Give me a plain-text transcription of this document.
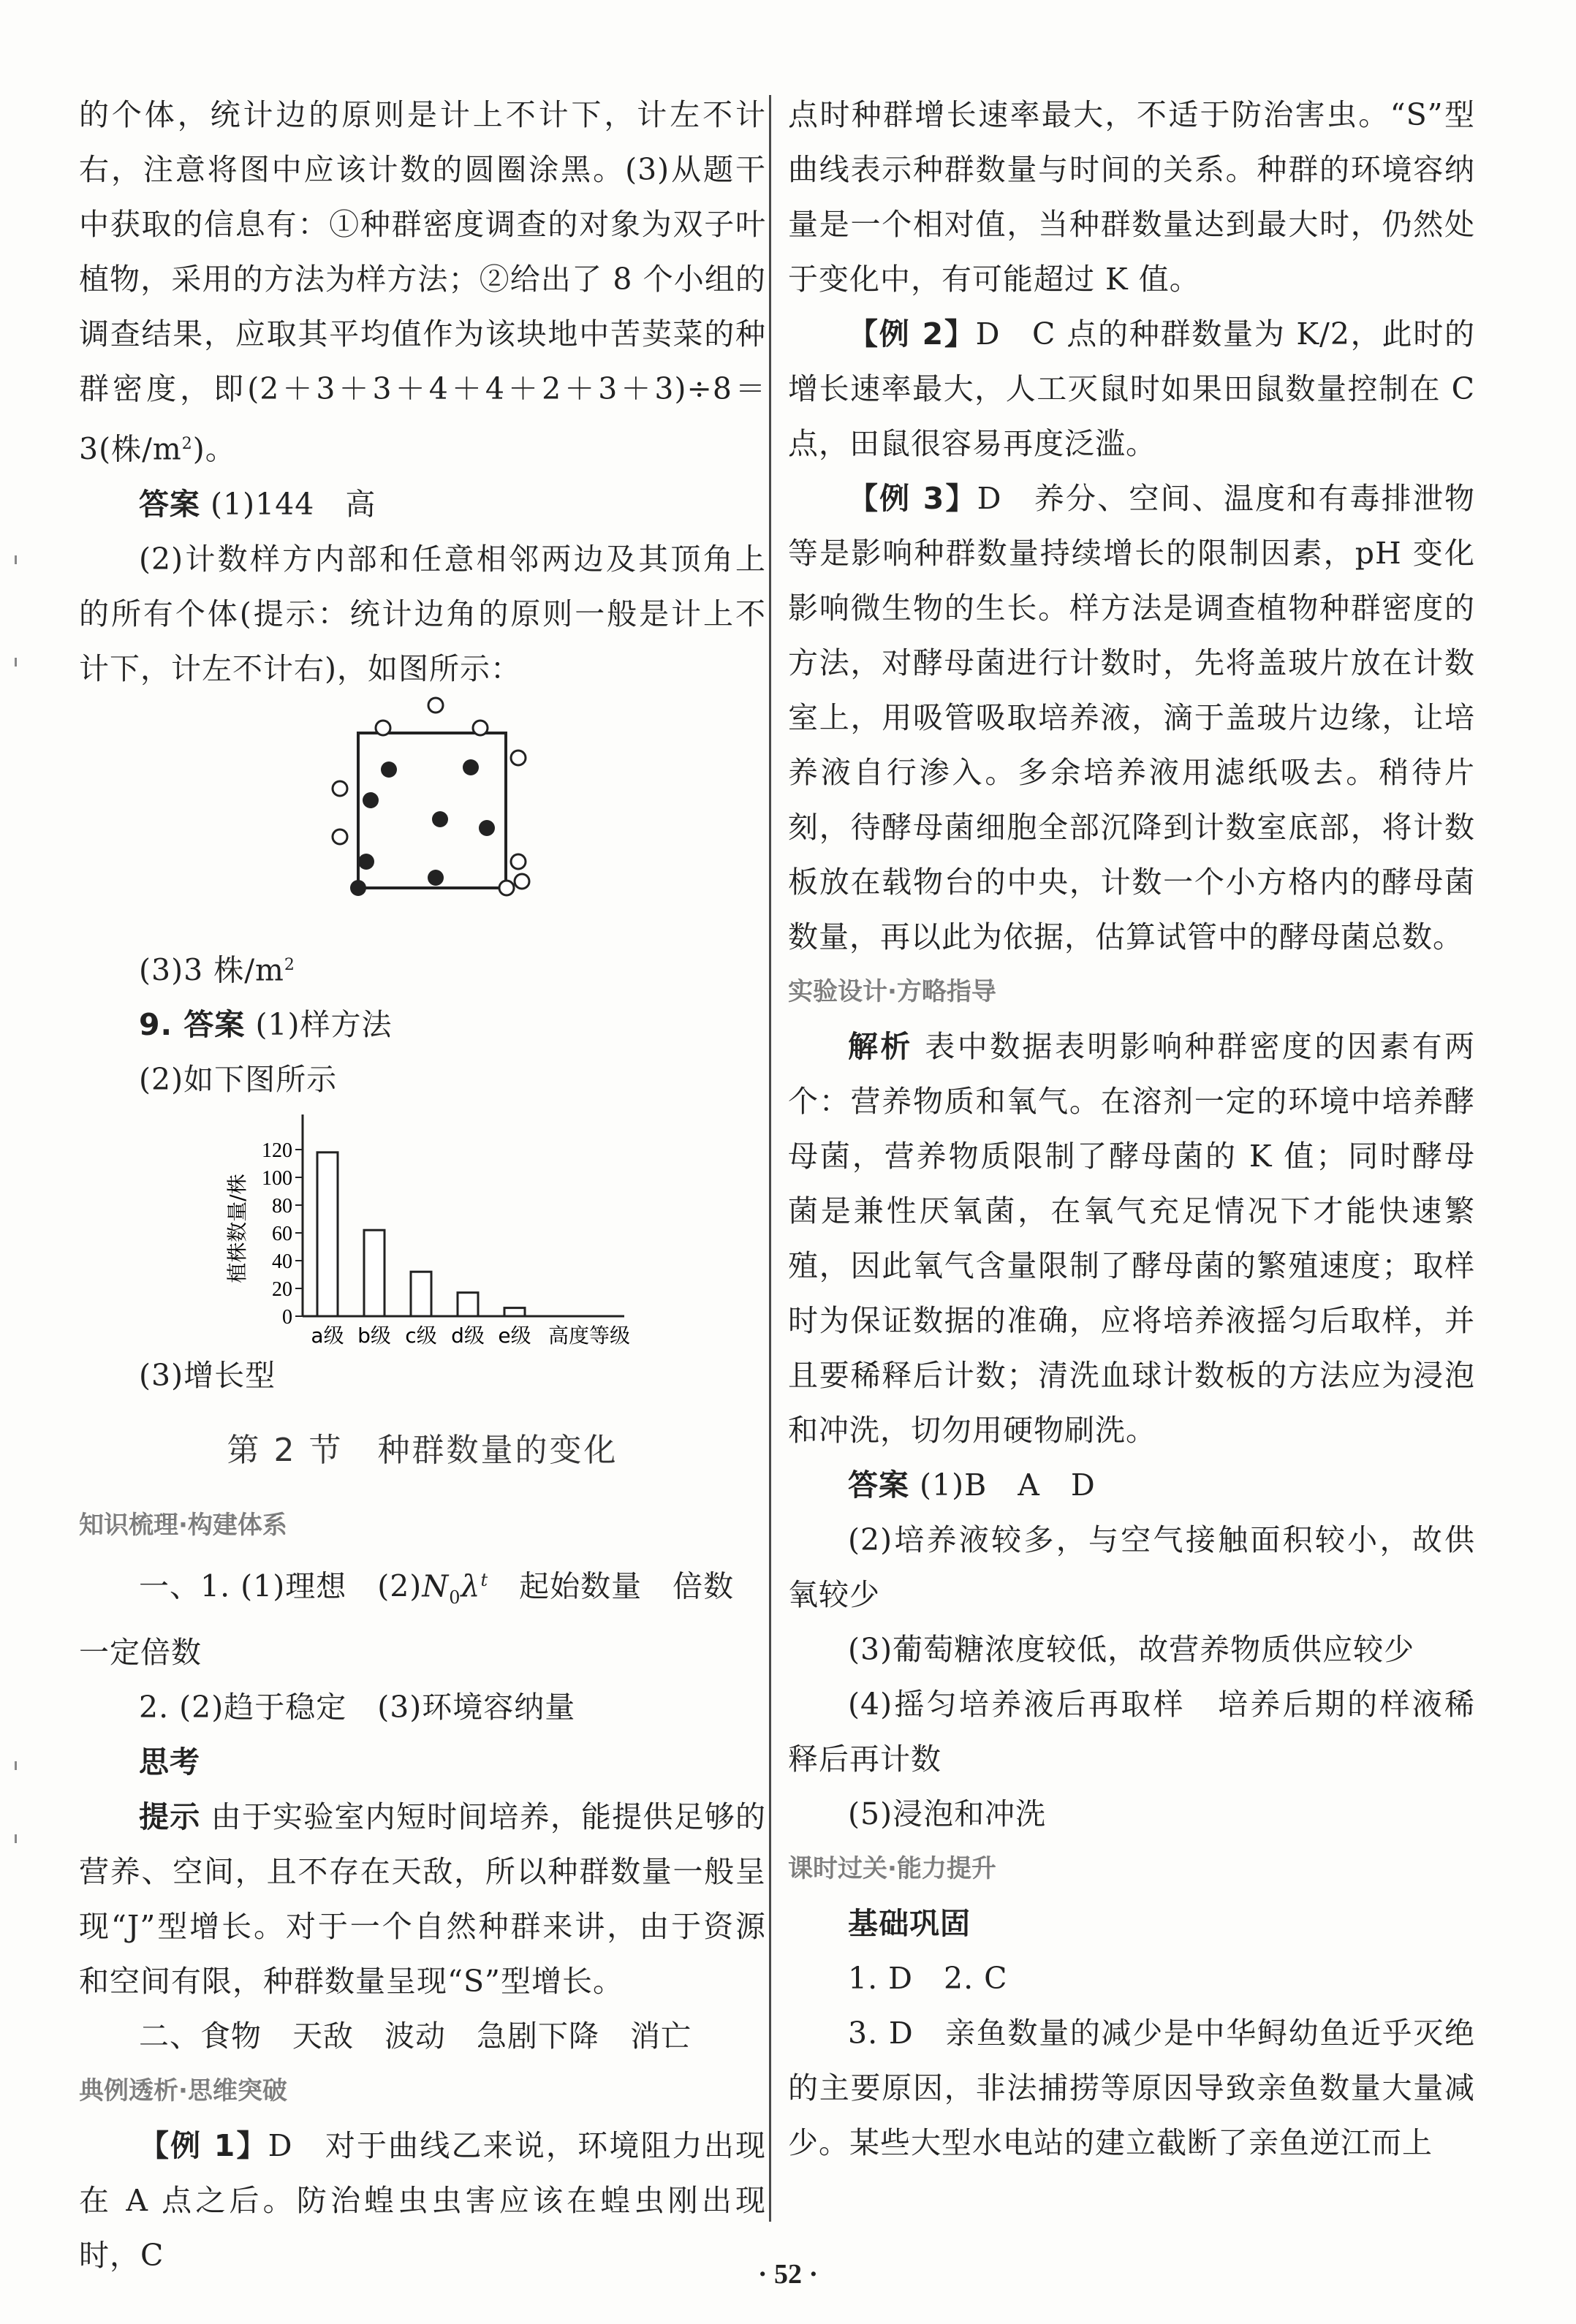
的个体，统计边的原则是计上不计下，计左不计右，注意将图中应该计数的圆圈涂黑。(3)从题干中获取的信息有：①种群密度调查的对象为双子叶植物，采用的方法为样方法；②给出了 8 个小组的调查结果，应取其平均值作为该块地中苦荬菜的种群密度，即(2＋3＋3＋4＋4＋2＋3＋3)÷8＝3(株$/m^2$)。

答案 (1)144　高

(2)计数样方内部和任意相邻两边及其顶角上的所有个体(提示：统计边角的原则一般是计上不计下，计左不计右)，如图所示：

(3)3 株$/m^2$

9. 答案 (1)样方法

(2)如下图所示

0
20
40
60
80
100
120
植株数量/株
a级 b级 c级 d级 e级 高度等级

(3)增长型

第 2 节　种群数量的变化

知识梳理·构建体系

一、1. (1)理想　$(2)N_0\lambda^t$　起始数量　倍数

一定倍数

2. (2)趋于稳定　(3)环境容纳量

思考

提示 由于实验室内短时间培养，能提供足够的营养、空间，且不存在天敌，所以种群数量一般呈现“J”型增长。对于一个自然种群来讲，由于资源和空间有限，种群数量呈现“S”型增长。

二、食物　天敌　波动　急剧下降　消亡

典例透析·思维突破

【例 1】D　对于曲线乙来说，环境阻力出现在 A 点之后。防治蝗虫虫害应该在蝗虫刚出现时，C

点时种群增长速率最大，不适于防治害虫。“S”型曲线表示种群数量与时间的关系。种群的环境容纳量是一个相对值，当种群数量达到最大时，仍然处于变化中，有可能超过 K 值。

【例 2】D　C 点的种群数量为 K/2，此时的增长速率最大，人工灭鼠时如果田鼠数量控制在 C 点，田鼠很容易再度泛滥。

【例 3】D　养分、空间、温度和有毒排泄物等是影响种群数量持续增长的限制因素，pH 变化影响微生物的生长。样方法是调查植物种群密度的方法，对酵母菌进行计数时，先将盖玻片放在计数室上，用吸管吸取培养液，滴于盖玻片边缘，让培养液自行渗入。多余培养液用滤纸吸去。稍待片刻，待酵母菌细胞全部沉降到计数室底部，将计数板放在载物台的中央，计数一个小方格内的酵母菌数量，再以此为依据，估算试管中的酵母菌总数。

实验设计·方略指导

解析 表中数据表明影响种群密度的因素有两个：营养物质和氧气。在溶剂一定的环境中培养酵母菌，营养物质限制了酵母菌的 K 值；同时酵母菌是兼性厌氧菌，在氧气充足情况下才能快速繁殖，因此氧气含量限制了酵母菌的繁殖速度；取样时为保证数据的准确，应将培养液摇匀后取样，并且要稀释后计数；清洗血球计数板的方法应为浸泡和冲洗，切勿用硬物刷洗。

答案 (1)B　A　D

(2)培养液较多，与空气接触面积较小，故供氧较少

(3)葡萄糖浓度较低，故营养物质供应较少

(4)摇匀培养液后再取样　培养后期的样液稀释后再计数

(5)浸泡和冲洗

课时过关·能力提升

基础巩固

1. D　2. C

3. D　 亲鱼数量的减少是中华鲟幼鱼近乎灭绝的主要原因，非法捕捞等原因导致亲鱼数量大量减少。某些大型水电站的建立截断了亲鱼逆江而上

· 52 ·
